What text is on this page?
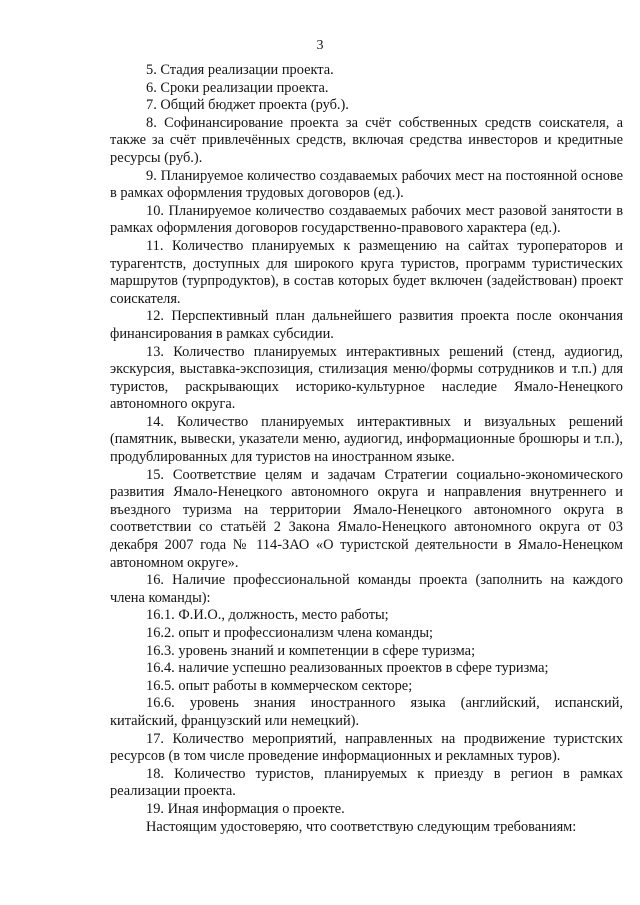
3

5. Стадия реализации проекта.

6. Сроки реализации проекта.

7. Общий бюджет проекта (руб.).

8. Софинансирование проекта за счёт собственных средств соискателя, а также за счёт привлечённых средств, включая средства инвесторов и кредитные ресурсы (руб.).

9. Планируемое количество создаваемых рабочих мест на постоянной основе в рамках оформления трудовых договоров (ед.).

10. Планируемое количество создаваемых рабочих мест разовой занятости в рамках оформления договоров государственно-правового характера (ед.).

11. Количество планируемых к размещению на сайтах туроператоров и турагентств, доступных для широкого круга туристов, программ туристических маршрутов (турпродуктов), в состав которых будет включен (задействован) проект соискателя.

12. Перспективный план дальнейшего развития проекта после окончания финансирования в рамках субсидии.

13. Количество планируемых интерактивных решений (стенд, аудиогид, экскурсия, выставка-экспозиция, стилизация меню/формы сотрудников и т.п.) для туристов, раскрывающих историко-культурное наследие Ямало-Ненецкого автономного округа.

14. Количество планируемых интерактивных и визуальных решений (памятник, вывески, указатели меню, аудиогид, информационные брошюры и т.п.), продублированных для туристов на иностранном языке.

15. Соответствие целям и задачам Стратегии социально-экономического развития Ямало-Ненецкого автономного округа и направления внутреннего и въездного туризма на территории Ямало-Ненецкого автономного округа в соответствии со статьёй 2 Закона Ямало-Ненецкого автономного округа от 03 декабря 2007 года № 114-ЗАО «О туристской деятельности в Ямало-Ненецком автономном округе».

16. Наличие профессиональной команды проекта (заполнить на каждого члена команды):

16.1. Ф.И.О., должность, место работы;

16.2. опыт и профессионализм члена команды;

16.3. уровень знаний и компетенции в сфере туризма;

16.4. наличие успешно реализованных проектов в сфере туризма;

16.5. опыт работы в коммерческом секторе;

16.6. уровень знания иностранного языка (английский, испанский, китайский, французский или немецкий).

17. Количество мероприятий, направленных на продвижение туристских ресурсов (в том числе проведение информационных и рекламных туров).

18. Количество туристов, планируемых к приезду в регион в рамках реализации проекта.

19. Иная информация о проекте.

Настоящим удостоверяю, что соответствую следующим требованиям:
